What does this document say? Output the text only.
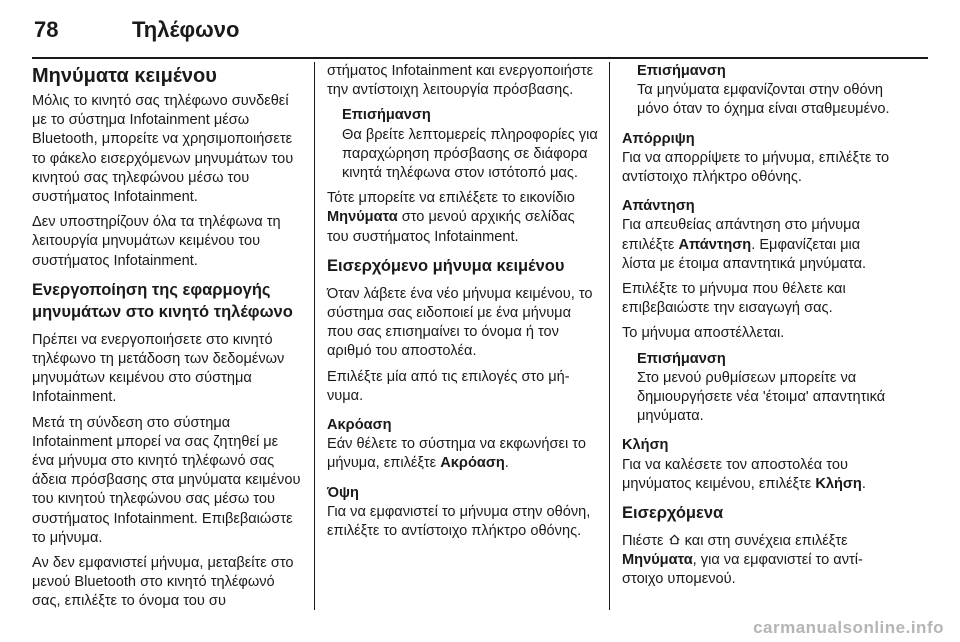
78	Τηλέφωνο
Μηνύματα κειμένου

Μόλις το κινητό σας τηλέφωνο συνδεθεί με το σύστημα Infotainment μέσω Bluetooth, μπορείτε να χρησιμοποιήσετε το φάκελο εισερχόμενων μηνυμάτων του κινητού σας τηλεφώνου μέσω του συστήματος Infotainment.

Δεν υποστηρίζουν όλα τα τηλέφωνα τη λειτουργία μηνυμάτων κειμένου του συστήματος Infotainment.

Ενεργοποίηση της εφαρμογής μηνυμάτων στο κινητό τηλέφωνο

Πρέπει να ενεργοποιήσετε στο κινητό τηλέφωνο τη μετάδοση των δεδομένων μηνυμάτων κειμένου στο σύστημα Infotainment.

Μετά τη σύνδεση στο σύστημα Infotainment μπορεί να σας ζητηθεί με ένα μήνυμα στο κινητό τηλέφωνό σας άδεια πρόσβασης στα μηνύματα κειμένου του κινητού τηλεφώνου σας μέσω του συστήματος Infotainment. Επιβεβαιώστε το μήνυμα.

Αν δεν εμφανιστεί μήνυμα, μεταβείτε στο μενού Bluetooth στο κινητό τηλέφωνό σας, επιλέξτε το όνομα του συ

στήματος Infotainment και ενεργοποιήστε την αντίστοιχη λειτουργία πρόσβασης.

Επισήμανση
Θα βρείτε λεπτομερείς πληροφορίες για παραχώρηση πρόσβασης σε διάφορα κινητά τηλέφωνα στον ιστότοπό μας.

Τότε μπορείτε να επιλέξετε το εικονίδιο Μηνύματα στο μενού αρχικής σελίδας του συστήματος Infotainment.

Εισερχόμενο μήνυμα κειμένου

Όταν λάβετε ένα νέο μήνυμα κειμένου, το σύστημα σας ειδοποιεί με ένα μήνυμα που σας επισημαίνει το όνομα ή τον αριθμό του αποστολέα.

Επιλέξτε μία από τις επιλογές στο μήνυμα.

Ακρόαση

Εάν θέλετε το σύστημα να εκφωνήσει το μήνυμα, επιλέξτε Ακρόαση.

Όψη

Για να εμφανιστεί το μήνυμα στην οθόνη, επιλέξτε το αντίστοιχο πλήκτρο οθόνης.

Επισήμανση
Τα μηνύματα εμφανίζονται στην οθόνη μόνο όταν το όχημα είναι σταθμευμένο.
Απόρριψη

Για να απορρίψετε το μήνυμα, επιλέξτε το αντίστοιχο πλήκτρο οθόνης.

Απάντηση

Για απευθείας απάντηση στο μήνυμα επιλέξτε Απάντηση. Εμφανίζεται μια λίστα με έτοιμα απαντητικά μηνύματα.

Επιλέξτε το μήνυμα που θέλετε και επιβεβαιώστε την εισαγωγή σας.

Το μήνυμα αποστέλλεται.

Επισήμανση
Στο μενού ρυθμίσεων μπορείτε να δημιουργήσετε νέα 'έτοιμα' απαντητικά μηνύματα.
Κλήση

Για να καλέσετε τον αποστολέα του μηνύματος κειμένου, επιλέξτε Κλήση.

Εισερχόμενα

Πιέστε  και στη συνέχεια επιλέξτε Μηνύματα, για να εμφανιστεί το αντίστοιχο υπομενού.

carmanualsonline.info
